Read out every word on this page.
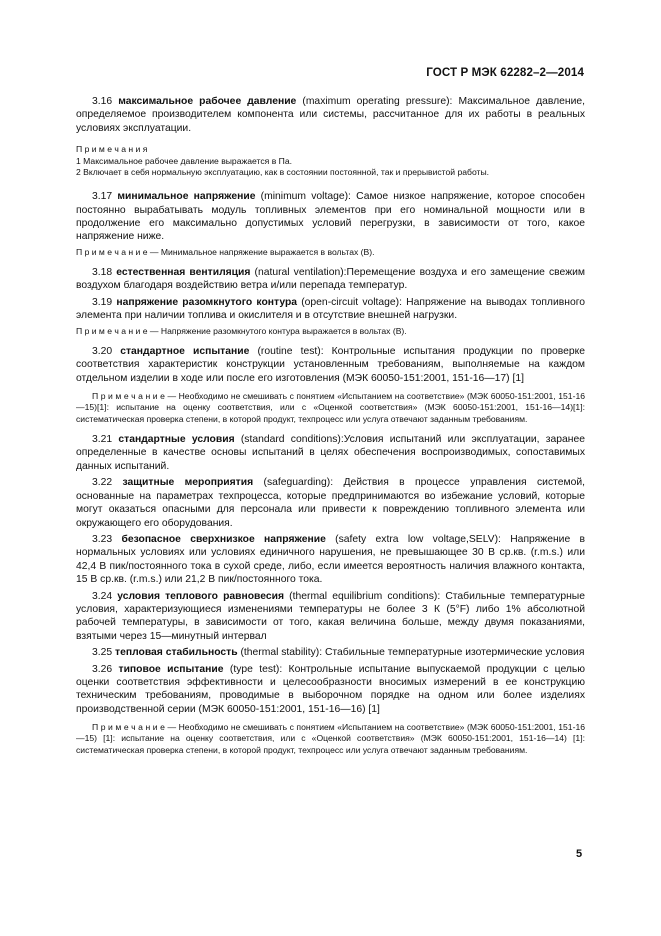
ГОСТ Р МЭК 62282–2—2014

3.16 максимальное рабочее давление (maximum operating pressure): Максимальное давление, определяемое производителем компонента или системы, рассчитанное для их работы в реальных условиях эксплуатации.

П р и м е ч а н и я
1 Максимальное рабочее давление выражается в Па.
2 Включает в себя нормальную эксплуатацию, как в состоянии постоянной, так и прерывистой работы.

3.17 минимальное напряжение (minimum voltage): Самое низкое напряжение, которое способен постоянно вырабатывать модуль топливных элементов при его номинальной мощности или в продолжение его максимально допустимых условий перегрузки, в зависимости от того, какое напряжение ниже.

П р и м е ч а н и е — Минимальное напряжение выражается в вольтах (В).

3.18 естественная вентиляция (natural ventilation):Перемещение воздуха и его замещение свежим воздухом благодаря воздействию ветра и/или перепада температур.

3.19 напряжение разомкнутого контура (open-circuit voltage): Напряжение на выводах топливного элемента при наличии топлива и окислителя и в отсутствие внешней нагрузки.

П р и м е ч а н и е — Напряжение разомкнутого контура выражается в вольтах (В).

3.20 стандартное испытание (routine test): Контрольные испытания продукции по проверке соответствия характеристик конструкции установленным требованиям, выполняемые на каждом отдельном изделии в ходе или после его изготовления (МЭК 60050-151:2001, 151-16—17) [1]

П р и м е ч а н и е — Необходимо не смешивать с понятием «Испытанием на соответствие» (МЭК 60050-151:2001, 151-16—15)[1]: испытание на оценку соответствия, или с «Оценкой соответствия» (МЭК 60050-151:2001, 151-16—14)[1]: систематическая проверка степени, в которой продукт, техпроцесс или услуга отвечают заданным требованиям.

3.21 стандартные условия (standard conditions):Условия испытаний или эксплуатации, заранее определенные в качестве основы испытаний в целях обеспечения воспроизводимых, сопоставимых данных испытаний.

3.22 защитные мероприятия (safeguarding): Действия в процессе управления системой, основанные на параметрах техпроцесса, которые предпринимаются во избежание условий, которые могут оказаться опасными для персонала или привести к повреждению топливного элемента или окружающего его оборудования.

3.23 безопасное сверхнизкое напряжение (safety extra low voltage,SELV): Напряжение в нормальных условиях или условиях единичного нарушения, не превышающее 30 В ср.кв. (r.m.s.) или 42,4 В пик/постоянного тока в сухой среде, либо, если имеется вероятность наличия влажного контакта, 15 В ср.кв. (r.m.s.) или 21,2 В пик/постоянного тока.

3.24 условия теплового равновесия (thermal equilibrium conditions): Стабильные температурные условия, характеризующиеся изменениями температуры не более 3 К (5°F) либо 1% абсолютной рабочей температуры, в зависимости от того, какая величина больше, между двумя показаниями, взятыми через 15—минутный интервал

3.25 тепловая стабильность (thermal stability): Стабильные температурные изотермические условия

3.26 типовое испытание (type test): Контрольные испытание выпускаемой продукции с целью оценки соответствия эффективности и целесообразности вносимых измерений в ее конструкцию техническим требованиям, проводимые в выборочном порядке на одном или более изделиях производственной серии (МЭК 60050-151:2001, 151-16—16) [1]

П р и м е ч а н и е — Необходимо не смешивать с понятием «Испытанием на соответствие» (МЭК 60050-151:2001, 151-16—15) [1]: испытание на оценку соответствия, или с «Оценкой соответствия» (МЭК 60050-151:2001, 151-16—14) [1]: систематическая проверка степени, в которой продукт, техпроцесс или услуга отвечают заданным требованиям.

5
